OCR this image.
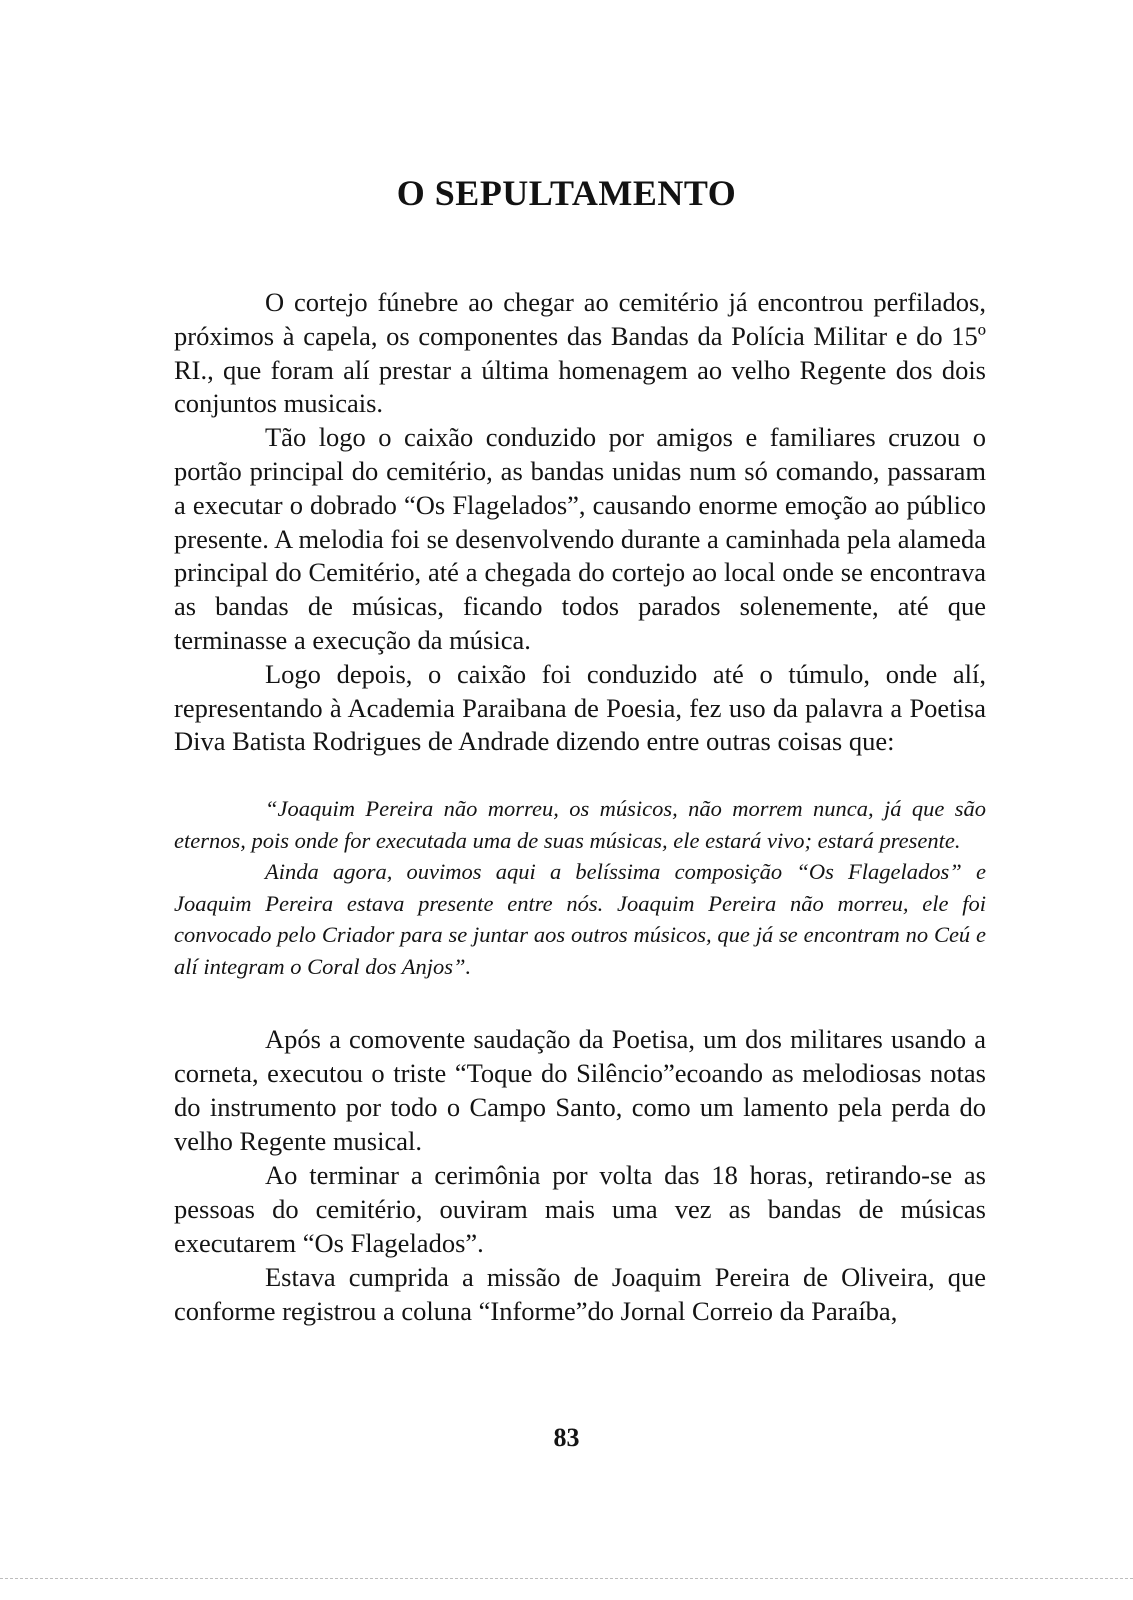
O SEPULTAMENTO

O cortejo fúnebre ao chegar ao cemitério já encontrou perfilados, próximos à capela, os componentes das Bandas da Polícia Militar e do 15º RI., que foram alí prestar a última homenagem ao velho Regente dos dois conjuntos musicais.

Tão logo o caixão conduzido por amigos e familiares cruzou o portão principal do cemitério, as bandas unidas num só comando, passaram a executar o dobrado “Os Flagelados”, causando enorme emoção ao público presente. A melodia foi se desenvolvendo durante a caminhada pela alameda principal do Cemitério, até a chegada do cortejo ao local onde se encontrava as bandas de músicas, ficando todos parados solenemente, até que terminasse a execução da música.

Logo depois, o caixão foi conduzido até o túmulo, onde alí, representando à Academia Paraibana de Poesia, fez uso da palavra a Poetisa Diva Batista Rodrigues de Andrade dizendo entre outras coisas que:

“Joaquim Pereira não morreu, os músicos, não morrem nunca, já que são eternos, pois onde for executada uma de suas músicas, ele estará vivo; estará presente.

Ainda agora, ouvimos aqui a belíssima composição “Os Flagelados” e Joaquim Pereira estava presente entre nós. Joaquim Pereira não morreu, ele foi convocado pelo Criador para se juntar aos outros músicos, que já se encontram no Ceú e alí integram o Coral dos Anjos”.

Após a comovente saudação da Poetisa, um dos militares usando a corneta, executou o triste “Toque do Silêncio”ecoando as melodiosas notas do instrumento por todo o Campo Santo, como um lamento pela perda do velho Regente musical.

Ao terminar a cerimônia por volta das 18 horas, retirando-se as pessoas do cemitério, ouviram mais uma vez as bandas de músicas executarem “Os Flagelados”.

Estava cumprida a missão de Joaquim Pereira de Oliveira, que conforme registrou a coluna “Informe”do Jornal Correio da Paraíba,

83
